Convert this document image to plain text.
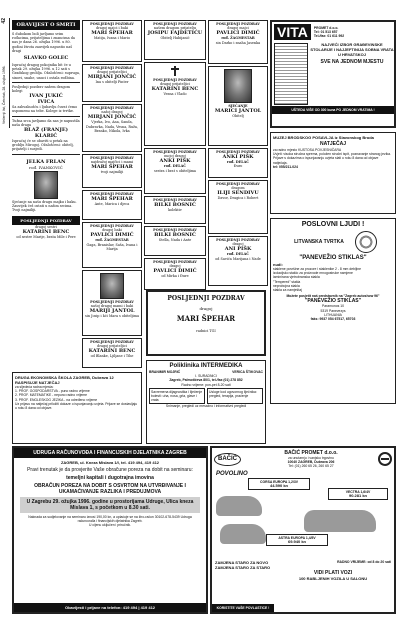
42
Večernji list, Četvrtak, 28. ožujka 1996.
OBAVIJEST O SMRTI
S dubokom boli javljamo svim rođacima, prijateljima i znancima da nas je dana 26. ožujka 1996. u 80. godini života zauvijek napustio naš dragi
SLAVKO GOLEC
Ispraćaj dragog pokojnika bit će u petak 29. ožujka 1996. u 12 sati s Gradskog groblja. Ožalošćeni: supruga, sinovi, snahe, unuci i ostala rodbina.
Posljednji pozdrav našem dragom kolegi
IVAN JUKIĆ
IVICA
Sa zahvalnošću i ljubavlju čuvat ćemo uspomenu na tebe. Kolege iz tvrtke.
Tužna srca javljamo da nas je napustila naša draga
BLAŽ (FRANJE) KLARIĆ
Ispraćaj će se obaviti u petak na groblju Mirogoj. Ožalošćeni: obitelj, prijatelji i susjedi.
JELKA FRLAN
rođ. IVANKOVIĆ
Sjećanje na našu dragu majku i baku. Zauvijek ćeš ostati u našim srcima. Tvoji najmiliji.
POSLJEDNJI POZDRAV
dragoj sestri
KATARINI BENC
od sestre Marije, brata Mile i Pere
POSLJEDNJI POZDRAV
dragoj majci i baki
MARI ŠPEHAR
Matija, Ivana i Mario
POSLJEDNJI POZDRAV
dragoj prijateljici
MIRJANI JONČIĆ
Ina s obitelji Pinter
POSLJEDNJI POZDRAV
našoj dragoj
MIRJANI JONČIĆ
Vjerka, Ivo, Ana, Sanda, Dubravka, Nada, Vesna, Ruža, Branko, Nikola, Ivka
POSLJEDNJI POZDRAV
najdražoj majčici i mami
MARI ŠPEHAR
tvoji najmiliji
POSLJEDNJI POZDRAV
MARI ŠPEHAR
Ante, Marica i djeca
POSLJEDNJI POZDRAV
dragoj baki
PAVLICI DIMIĆ
rođ. ŽAGMESTAR
Gaga, Branislav, Saša, Ivana i Marija
POSLJEDNJI POZDRAV
našoj dragoj mami i baki
MARIJI JANTOL
sin Josip i kći Mara s obiteljima
POSLJEDNJI POZDRAV
dragoj prijateljici
KATARINI BENC
od Blanke, Ljiljane i Tihe
POSLJEDNJI POZDRAV
našem dragom prijatelju
JOSIPU FAJDETIĆU
Obitelj Habijanić
POSLJEDNJI POZDRAV
dragoj prijateljici
KATARINI BENC
Vesna i Vlado
POSLJEDNJI POZDRAV
mojoj dragoj
ANKI PIŠK
rođ. DELAČ
sestra i brat s obiteljima
POSLJEDNJI POZDRAV
BILKI BOSNIĆ
kolektiv
POSLJEDNJI POZDRAV
BILKI BOSNIĆ
Stella, Nada i Ante
POSLJEDNJI POZDRAV
dragoj
PAVLICI DIMIĆ
od Mirka i Đure
POSLJEDNJI POZDRAV
dragoj majci
PAVLICI DIMIĆ
rođ. ŽAGMESTAR
sin Darko i snaha Jasenka
SJEĆANJE
MARICI JANTOL
Obitelj
POSLJEDNJI POZDRAV
ANKI PIŠK
rođ. DELAČ
Đuro
POSLJEDNJI POZDRAV
dragom
ILIJI SENDIVU
Davor, Dragica i Robert
POSLJEDNJI POZDRAV
dragoj
ANI PIŠK
rođ. DELAČ
od Savića Marijana i Nade
POSLJEDNJI POZDRAV
dragoj
MARI ŠPEHAR
radnici TGI
VITA	PROMET d.o.o.
Tel: 01 513 657
Tel./fax: 01 611 992
NAJVEĆI IZBOR GRAĐEVINSKE STOLARIJE I NAJJEFTINIJA SOBNA VRATA U HRVATSKOJ
SVE NA JEDNOM MJESTU
UŠTEDA VIŠE OD 300 kuna PO JEDNOM VRATIMA !
MUZEJ BRODSKOG POSAVLJA iz Slavonskog Broda
NATJEČAJ
za radno mjesto KUSTOSA POVJESNIČARA
Uvjeti: visoka stručna sprema, položen stručni ispit, poznavanje stranog jezika. Prijave s dokazima o ispunjavanju uvjeta slati u roku 8 dana od objave natječaja.
tel: 055/211-024
POSLOVNI LJUDI !
LITVANSKA TVRTKA
"PANEVEŽIO STIKLAS"
nudi:
staklene površine za prozore i staklenike 2 - 8 mm debljine
izolacijsko staklo za proizvode mnogostruke namjene
laminirana vjetrobranska stakla
"Tempered" stakla
neprobojna stakla
stakla za namještaj
Možete posjetit naš predstavnik na "Zagreb autoshow 96"
"PANEVEŽIO STIKLAS"
Paramonos 10
5319 Panevezys
LITHUANIA
faks: 9937 054 67517, 65703
DRUGA EKONOMSKA ŠKOLA ZAGREB, Dubrava 12
RASPISUJE NATJEČAJ
za sljedeća radna mjesta:
1. PROF. GOSPODARSTVA - puno radno vrijeme
2. PROF. MATEMATIKE - nepuno radno vrijeme
3. PROF. ENGLESKOG JEZIKA - na određeno vrijeme
Uz prijavu na natječaj priložiti dokaze o ispunjavanju uvjeta. Prijave se dostavljaju u roku 8 dana od objave.
Poliklinika INTERMEDIKA
BRANIMIR MOJRIĆ	VERICA ŠTIKOVAC
I. SURADNICI
Zagreb, Palmotićeva 80/1, tel./fax (01) 278 852
Radno vrijeme: pon-pet 8-20 sati
Savremena dijagnostika i liječenje bolesti: uha, nosa, grla, glave i vrata
Usluge kod ugovornog liječnika: pregled, terapija, praćenje
Snimanje, pregledi uz mesažno i informativni pregledi
UDRUGA RAČUNOVOĐA I FINANCIJSKIH DJELATNIKA ZAGREB
ZAGREB, ul. Kneza Mislava 1/I, tel. 419 494, 419 412
Pravi trenutak je da provjerite Vaše obračune poreza na dobit na seminaru:
temeljni kapitali i dugotrajna imovina
OBRAČUN POREZA NA DOBIT S OSVRTOM NA UTVRĐIVANJE I UKAMAĆIVANJE RAZLIKA I PREDUJMOVA
U Zagrebu 29. ožujka 1996. godine u prostorijama Udruge, Ulica kneza Mislava 1, s početkom u 8.30 sati.
Naknada za sudjelovanje na seminaru iznosi 190,00 kn, a uplaćuje se na žiro-račun 30102-678-5439 Udruga računovođa i financijskih djelatnika Zagreb.
U cijenu uključen i priručnik.
Obavijesti i prijave na telefon: 419 494 | 419 412
BAČIĆ
BAČIĆ PROMET d.o.o.
za unutarnju i vanjsku trgovinu
10040 ZAGREB, Dubrava 206
Tel: (01) 260 65 26, 260 65 27
POVOLINO
CORSA EUROPA 1,2/3V
44.590 kn
VECTRA 1,6/4V
90.281 kn
ASTRA EUROPA 1,4/5V
69.940 kn
ZAMJENA STARO ZA NOVO
ZAMJENA STARO ZA STARO
RADNO VRIJEME: od 8 do 20 sati
VIDI PLATI VOZI
100 RABLJENIH VOZILA U SALONU
KORISTITE VAŠE POVLASTICE !
